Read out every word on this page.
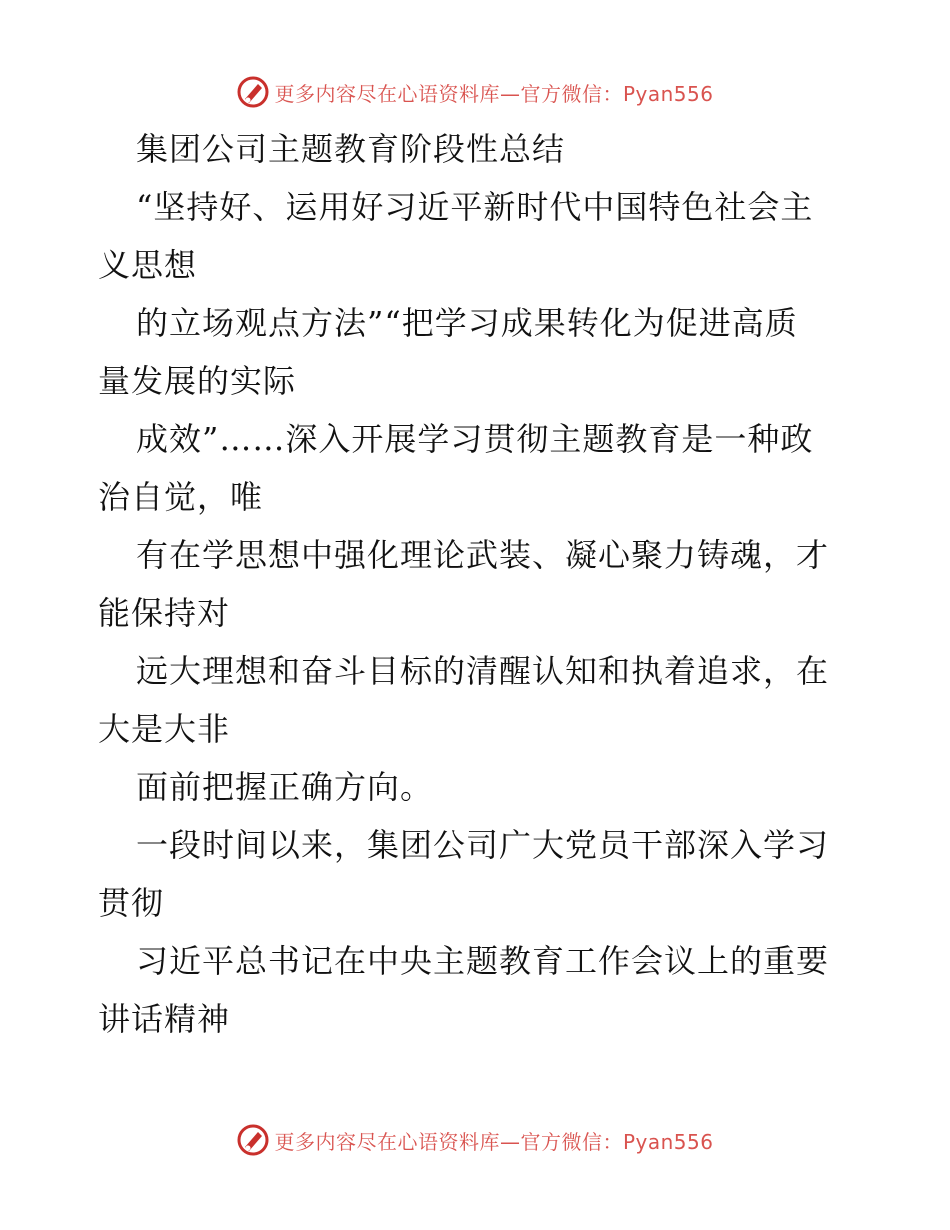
更多内容尽在心语资料库—官方微信：Pyan556
集团公司主题教育阶段性总结
“坚持好、运用好习近平新时代中国特色社会主
义思想
的立场观点方法”“把学习成果转化为促进高质
量发展的实际
成效”……深入开展学习贯彻主题教育是一种政
治自觉，唯
有在学思想中强化理论武装、凝心聚力铸魂，才
能保持对
远大理想和奋斗目标的清醒认知和执着追求，在
大是大非
面前把握正确方向。
一段时间以来，集团公司广大党员干部深入学习
贯彻
习近平总书记在中央主题教育工作会议上的重要
讲话精神
更多内容尽在心语资料库—官方微信：Pyan556
